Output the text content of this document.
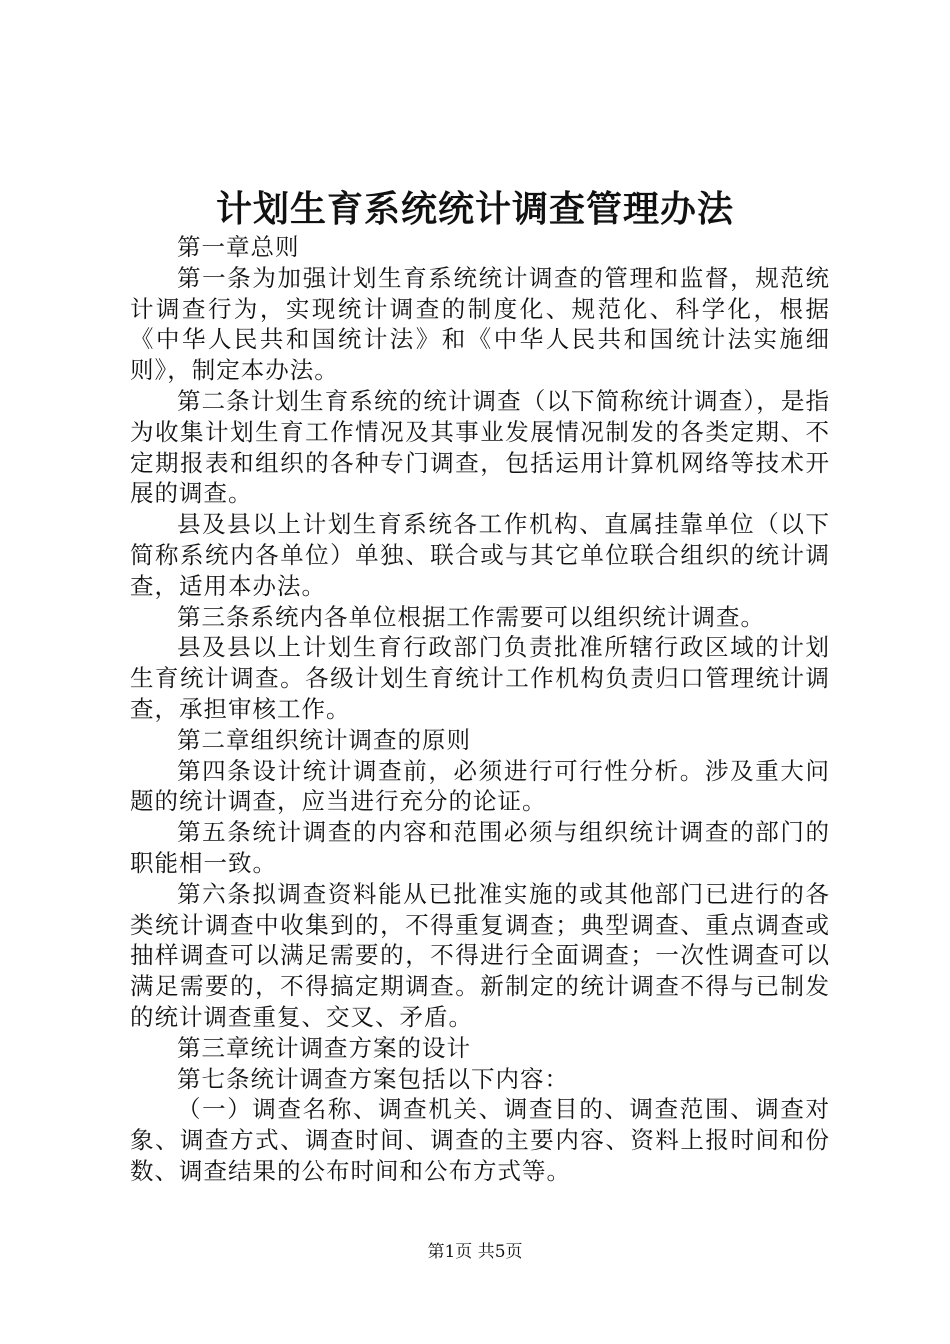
计划生育系统统计调查管理办法

第一章总则

第一条为加强计划生育系统统计调查的管理和监督，规范统计调查行为，实现统计调查的制度化、规范化、科学化，根据《中华人民共和国统计法》和《中华人民共和国统计法实施细则》，制定本办法。

第二条计划生育系统的统计调查（以下简称统计调查），是指为收集计划生育工作情况及其事业发展情况制发的各类定期、不定期报表和组织的各种专门调查，包括运用计算机网络等技术开展的调查。

县及县以上计划生育系统各工作机构、直属挂靠单位（以下简称系统内各单位）单独、联合或与其它单位联合组织的统计调查，适用本办法。

第三条系统内各单位根据工作需要可以组织统计调查。

县及县以上计划生育行政部门负责批准所辖行政区域的计划生育统计调查。各级计划生育统计工作机构负责归口管理统计调查，承担审核工作。

第二章组织统计调查的原则

第四条设计统计调查前，必须进行可行性分析。涉及重大问题的统计调查，应当进行充分的论证。

第五条统计调查的内容和范围必须与组织统计调查的部门的职能相一致。

第六条拟调查资料能从已批准实施的或其他部门已进行的各类统计调查中收集到的，不得重复调查；典型调查、重点调查或抽样调查可以满足需要的，不得进行全面调查；一次性调查可以满足需要的，不得搞定期调查。新制定的统计调查不得与已制发的统计调查重复、交叉、矛盾。

第三章统计调查方案的设计

第七条统计调查方案包括以下内容：

（一）调查名称、调查机关、调查目的、调查范围、调查对象、调查方式、调查时间、调查的主要内容、资料上报时间和份数、调查结果的公布时间和公布方式等。

第1页 共5页
